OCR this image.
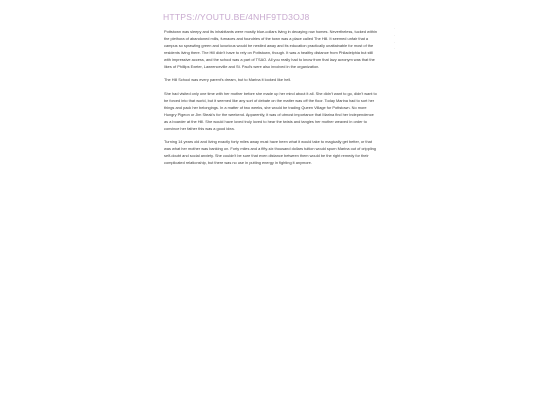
HTTPS://YOUTU.BE/4NHF9TD3OJ8

Pottstown was sleepy and its inhabitants were mostly blue-collars living in decaying row homes. Nevertheless, tucked within the plethora of abandoned mills, furnaces and foundries of the town was a place called The Hill. It seemed unfair that a campus so sprawling green and luxurious would be nestled away and its education practically unattainable for most of the residents living there. The Hill didn't have to rely on Pottstown, though. It was a healthy distance from Philadelphia but still with impressive access, and the school was a part of TSAO. All you really had to know from that lazy acronym was that the likes of Phillips Exeter, Lawrenceville and St. Paul's were also involved in the organization.

The Hill School was every parent's dream, but to Marina it looked like hell.

She had visited only one time with her mother before she made up her mind about it all. She didn't want to go, didn't want to be forced into that world, but it seemed like any sort of debate on the matter was off the floor. Today Marina had to sort her things and pack her belongings. In a matter of two weeks, she would be trading Queen Village for Pottstown. No more Hungry Pigeon or Jim Steak's for the weekend. Apparently, it was of utmost importance that Marina find her independence as a boarder at the Hill. She would have loved truly loved to hear the twists and tangles her mother weaved in order to convince her father this was a good idea.

Turning 14 years old and living exactly forty miles away must have been what it would take to magically get better, or that was what her mother was banking on. Forty miles and a fifty-six thousand dollars tuition would spurn Marina out of crippling self-doubt and social anxiety. She couldn't be sure that even distance between them would be the right remedy for their complicated relationship, but there was no use in putting energy in fighting it anymore.

·
·
·
·
